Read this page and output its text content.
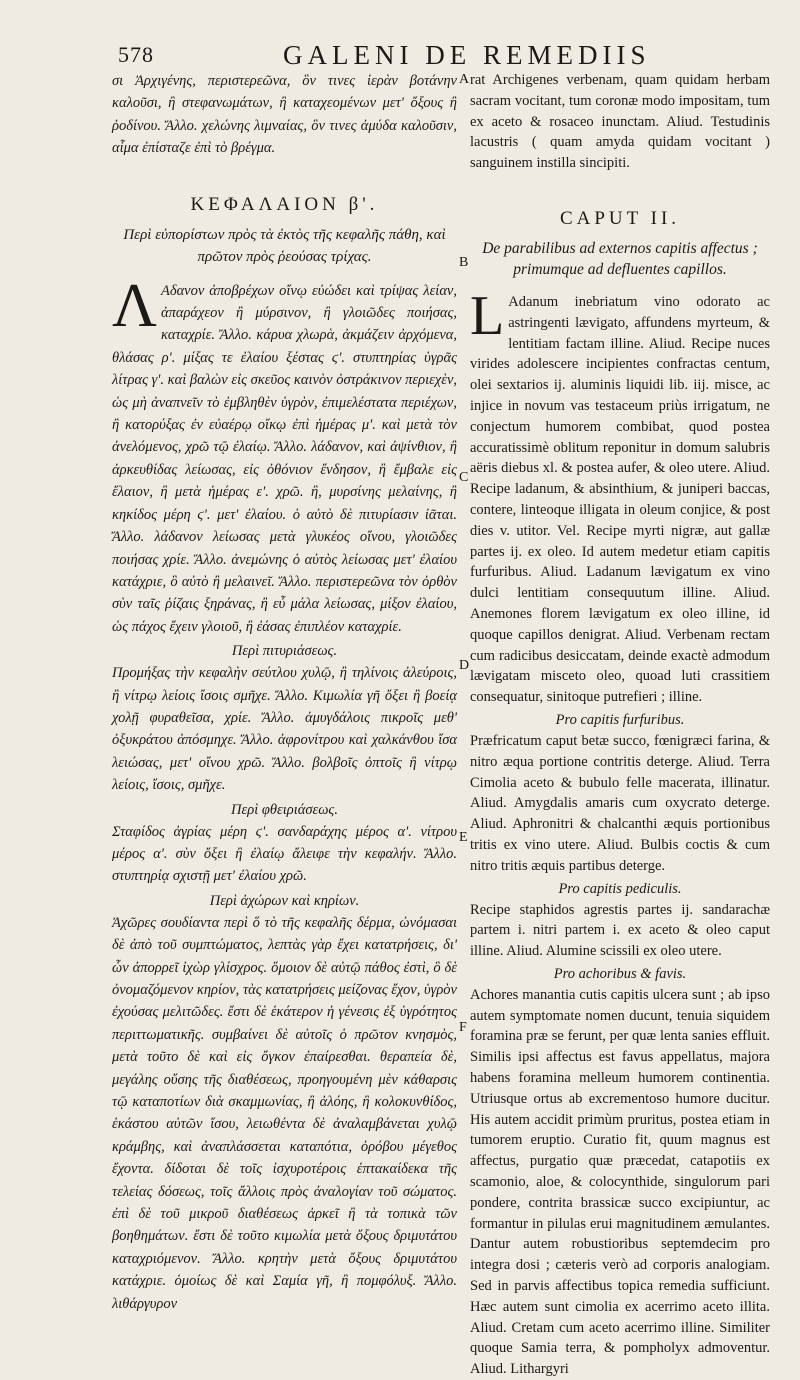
578	GALENI DE REMEDIIS

σι Ἀρχιγένης, περιστερεῶνα, ὃν τινες ἱερὰν βοτάνην καλοῦσι, ἢ στεφανωμάτων, ἢ καταχεομένων μετ' ὄξους ἢ ῥοδίνου. Ἄλλο. χελώνης λιμναίας, ὃν τινες ἀμύδα καλοῦσιν, αἷμα ἐπίσταζε ἐπὶ τὸ βρέγμα.

ΚΕΦΑΛΑΙΟΝ β'.
Περὶ εὐπορίστων πρὸς τὰ ἐκτὸς τῆς κεφαλῆς πάθη, καὶ πρῶτον πρὸς ῥεούσας τρίχας.

Λ Αδανον ἀποβρέχων οἴνῳ εὐώδει καὶ τρίψας λείαν, ἀπαράχεον ἢ μύρσινον, ἢ γλοιῶδες ποιήσας, καταχρίε. Ἄλλο. κάρυα χλωρὰ, ἀκμάζειν ἀρχόμενα, θλάσας ρ'. μίξας τε ἐλαίου ξέστας ϛ'. στυπτηρίας ὑγρᾶς λίτρας γ'. καὶ βαλὼν εἰς σκεῦος καινὸν ὀστράκινον περιεχὲν, ὡς μὴ ἀναπνεῖν τὸ ἐμβληθὲν ὑγρὸν, ἐπιμελέστατα περιέχων, ἢ κατορύξας ἐν εὐαέρῳ οἴκῳ ἐπὶ ἡμέρας μ'. καὶ μετὰ τὸν ἀνελόμενος, χρῶ τῷ ἐλαίῳ. Ἄλλο. λάδανον, καὶ ἀψίνθιον, ἢ ἀρκευθίδας λείωσας, εἰς ὀθόνιον ἔνδησον, ἢ ἔμβαλε εἰς ἔλαιον, ἢ μετὰ ἡμέρας ε'. χρῶ. ἢ, μυρσίνης μελαίνης, ἢ κηκίδος μέρη ϛ'. μετ' ἐλαίου. ὁ αὐτὸ δὲ πιτυρίασιν ἰᾶται. Ἄλλο. λάδανον λείωσας μετὰ γλυκέος οἴνου, γλοιῶδες ποιήσας χρίε. Ἄλλο. ἀνεμώνης ὁ αὐτὸς λείωσας μετ' ἐλαίου κατάχριε, ὃ αὐτὸ ἢ μελαινεῖ. Ἄλλο. περιστερεῶνα τὸν ὀρθὸν σὺν ταῖς ῥίζαις ξηράνας, ἢ εὖ μάλα λείωσας, μίξον ἐλαίου, ὡς πάχος ἔχειν γλοιοῦ, ἢ ἐάσας ἐπιπλέον καταχρίε.

Περὶ πιτυριάσεως.

Προμήξας τὴν κεφαλὴν σεύτλου χυλῷ, ἢ τηλίνοις ἀλεύροις, ἢ νίτρῳ λείοις ἴσοις σμῆχε. Ἄλλο. Κιμωλία γῆ ὄξει ἢ βοείᾳ χολῇ φυραθεῖσα, χρίε. Ἄλλο. ἀμυγδάλοις πικροῖς μεθ' ὀξυκράτου ἀπόσμηχε. Ἄλλο. ἀφρονίτρου καὶ χαλκάνθου ἴσα λειώσας, μετ' οἴνου χρῶ. Ἄλλο. βολβοῖς ὀπτοῖς ἢ νίτρῳ λείοις, ἴσοις, σμῆχε.

Περὶ φθειριάσεως.

Σταφίδος ἀγρίας μέρη ϛ'. σανδαράχης μέρος α'. νίτρου μέρος α'. σὺν ὄξει ἢ ἐλαίῳ ἄλειφε τὴν κεφαλήν. Ἄλλο. στυπτηρίᾳ σχιστῇ μετ' ἐλαίου χρῶ.

Περὶ ἀχώρων καὶ κηρίων.

Ἀχῶρες σουδίαντα περὶ ὅ τὸ τῆς κεφαλῆς δέρμα, ὠνόμασαι δὲ ἀπὸ τοῦ συμπτώματος, λεπτὰς γὰρ ἔχει κατατρήσεις, δι' ὧν ἀπορρεῖ ἰχὼρ γλίσχρος. ὅμοιον δὲ αὐτῷ πάθος ἐστὶ, ὃ δὲ ὀνομαζόμενον κηρίον, τὰς κατατρήσεις μείζονας ἔχον, ὑγρὸν ἐχούσας μελιτῶδες. ἔστι δὲ ἑκάτερον ἡ γένεσις ἐξ ὑγρότητος περιττωματικῆς. συμβαίνει δὲ αὐτοῖς ὁ πρῶτον κνησμὸς, μετὰ τοῦτο δὲ καὶ εἰς ὄγκον ἐπαίρεσθαι. θεραπεία δὲ, μεγάλης οὔσης τῆς διαθέσεως, προηγουμένη μὲν κάθαρσις τῷ καταποτίων διὰ σκαμμωνίας, ἢ ἀλόης, ἢ κολοκυνθίδος, ἑκάστου αὐτῶν ἴσου, λειωθέντα δὲ ἀναλαμβάνεται χυλῷ κράμβης, καὶ ἀναπλάσσεται καταπότια, ὀρόβου μέγεθος ἔχοντα. δίδοται δὲ τοῖς ἰσχυροτέροις ἑπτακαίδεκα τῆς τελείας δόσεως, τοῖς ἄλλοις πρὸς ἀναλογίαν τοῦ σώματος. ἐπὶ δὲ τοῦ μικροῦ διαθέσεως ἀρκεῖ ἢ τὰ τοπικὰ τῶν βοηθημάτων. ἔστι δὲ τοῦτο κιμωλία μετὰ ὄξους δριμυτάτου καταχριόμενον. Ἄλλο. κρητὴν μετὰ ὄξους δριμυτάτου κατάχριε. ὁμοίως δὲ καὶ Σαμία γῆ, ἢ πομφόλυξ. Ἄλλο. λιθάργυρον

A
B
C
D
E
F

rat Archigenes verbenam, quam quidam herbam sacram vocitant, tum coronæ modo impositam, tum ex aceto & rosaceo inunctam. Aliud. Testudinis lacustris ( quam amyda quidam vocitant ) sanguinem instilla sincipiti.

CAPUT II.
De parabilibus ad externos capitis affectus ; primumque ad defluentes capillos.

L Adanum inebriatum vino odorato ac astringenti lævigato, affundens myrteum, & lentitiam factam illine. Aliud. Recipe nuces virides adolescere incipientes confractas centum, olei sextarios ij. aluminis liquidi lib. iij. misce, ac injice in novum vas testaceum priùs irrigatum, ne conjectum humorem combibat, quod postea accuratissimè oblitum reponitur in domum salubris aëris diebus xl. & postea aufer, & oleo utere. Aliud. Recipe ladanum, & absinthium, & juniperi baccas, contere, linteoque illigata in oleum conjice, & post dies v. utitor. Vel. Recipe myrti nigræ, aut gallæ partes ij. ex oleo. Id autem medetur etiam capitis furfuribus. Aliud. Ladanum lævigatum ex vino dulci lentitiam consequutum illine. Aliud. Anemones florem lævigatum ex oleo illine, id quoque capillos denigrat. Aliud. Verbenam rectam cum radicibus desiccatam, deinde exactè admodum lævigatam misceto oleo, quoad luti crassitiem consequatur, sinitoque putrefieri ; illine.

Pro capitis furfuribus.

Præfricatum caput betæ succo, fœnigræci farina, & nitro æqua portione contritis deterge. Aliud. Terra Cimolia aceto & bubulo felle macerata, illinatur. Aliud. Amygdalis amaris cum oxycrato deterge. Aliud. Aphronitri & chalcanthi æquis portionibus tritis ex vino utere. Aliud. Bulbis coctis & cum nitro tritis æquis partibus deterge.

Pro capitis pediculis.

Recipe staphidos agrestis partes ij. sandarachæ partem i. nitri partem i. ex aceto & oleo caput illine. Aliud. Alumine scissili ex oleo utere.

Pro achoribus & favis.

Achores manantia cutis capitis ulcera sunt ; ab ipso autem symptomate nomen ducunt, tenuia siquidem foramina præ se ferunt, per quæ lenta sanies effluit. Similis ipsi affectus est favus appellatus, majora habens foramina melleum humorem continentia. Utriusque ortus ab excrementoso humore ducitur. His autem accidit primùm pruritus, postea etiam in tumorem eruptio. Curatio fit, quum magnus est affectus, purgatio quæ præcedat, catapotiis ex scamonio, aloe, & colocynthide, singulorum pari pondere, contrita brassicæ succo excipiuntur, ac formantur in pilulas erui magnitudinem æmulantes. Dantur autem robustioribus septemdecim pro integra dosi ; cæteris verò ad corporis analogiam. Sed in parvis affectibus topica remedia sufficiunt. Hæc autem sunt cimolia ex acerrimo aceto illita. Aliud. Cretam cum aceto acerrimo illine. Similiter quoque Samia terra, & pompholyx admoventur. Aliud. Lithargyri
